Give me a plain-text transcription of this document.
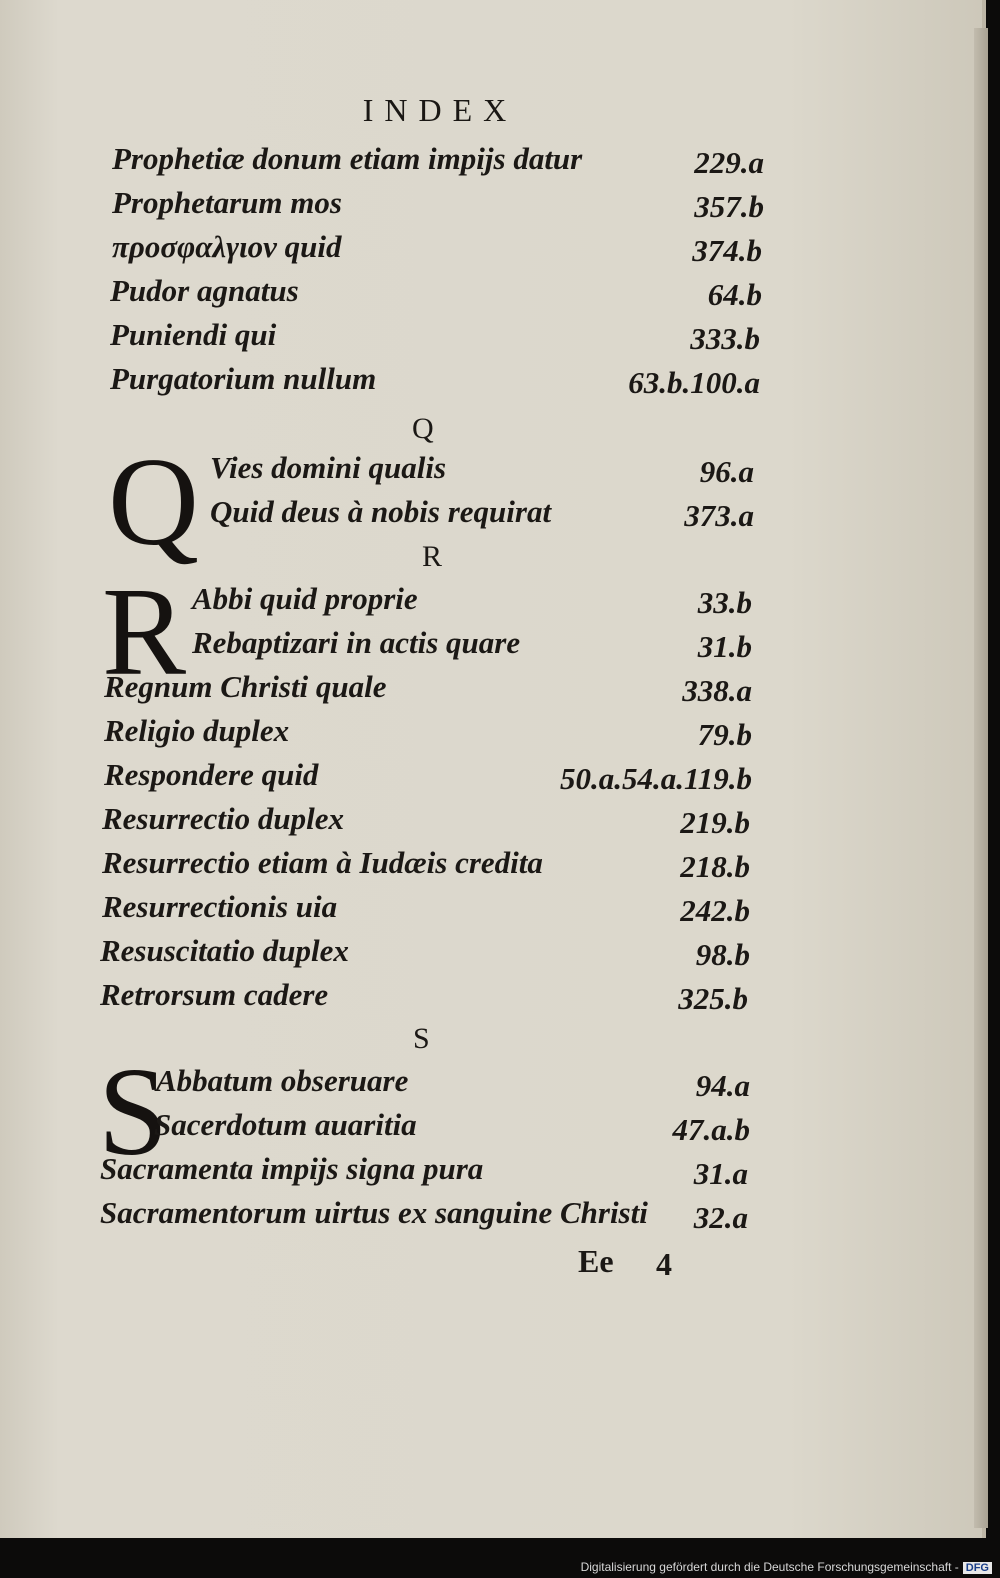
INDEX
Prophetiæ donum etiam impijs datur	229.a
Prophetarum mos	357.b
προσφαλγιον quid	374.b
Pudor agnatus	64.b
Puniendi qui	333.b
Purgatorium nullum	63.b.100.a
Q
Q Vies domini qualis	96.a
Quid deus à nobis requirat	373.a
R
R Abbi quid proprie	33.b
Rebaptizari in actis quare	31.b
Regnum Christi quale	338.a
Religio duplex	79.b
Respondere quid	50.a.54.a.119.b
Resurrectio duplex	219.b
Resurrectio etiam à Iudæis credita	218.b
Resurrectionis uia	242.b
Resuscitatio duplex	98.b
Retrorsum cadere	325.b
S
S
Abbatum obseruare	94.a
Sacerdotum auaritia	47.a.b
Sacramenta impijs signa pura	31.a
Sacramentorum uirtus ex sanguine Christi 32.a
Ee 4
Digitalisierung gefördert durch die Deutsche Forschungsgemeinschaft - DFG
